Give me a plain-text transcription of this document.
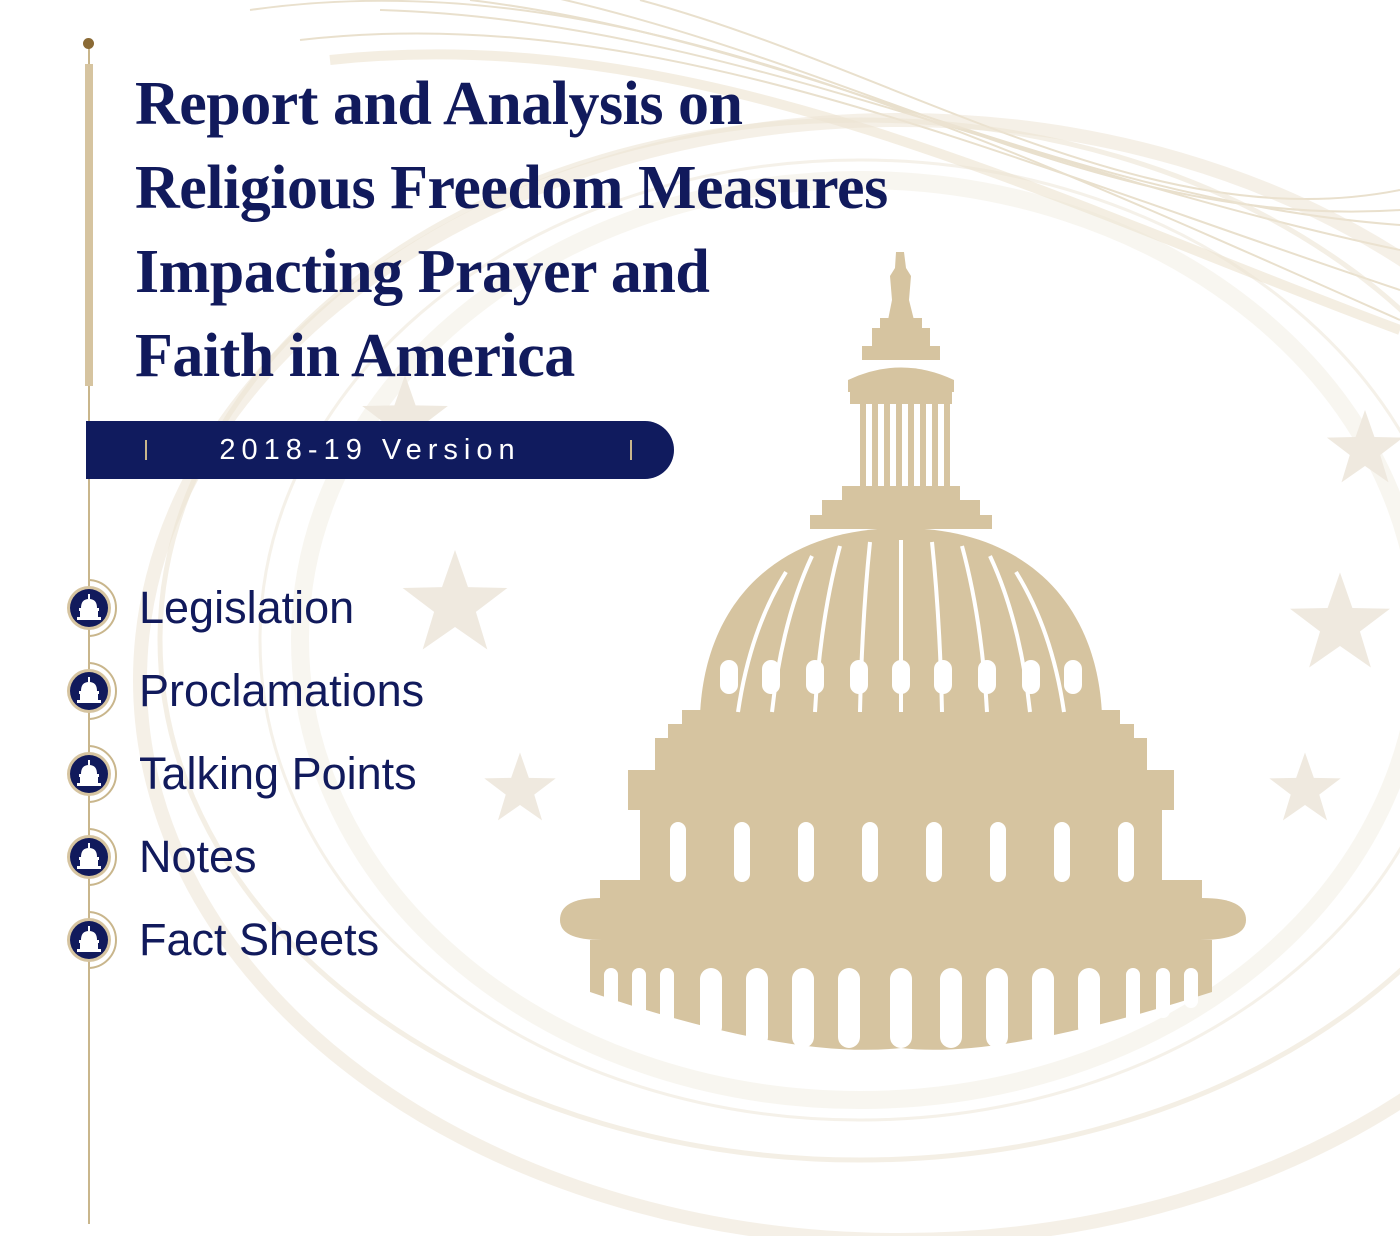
Report and Analysis on
Religious Freedom Measures
Impacting Prayer and
Faith in America
2018-19 Version
Legislation
Proclamations
Talking Points
Notes
Fact Sheets
